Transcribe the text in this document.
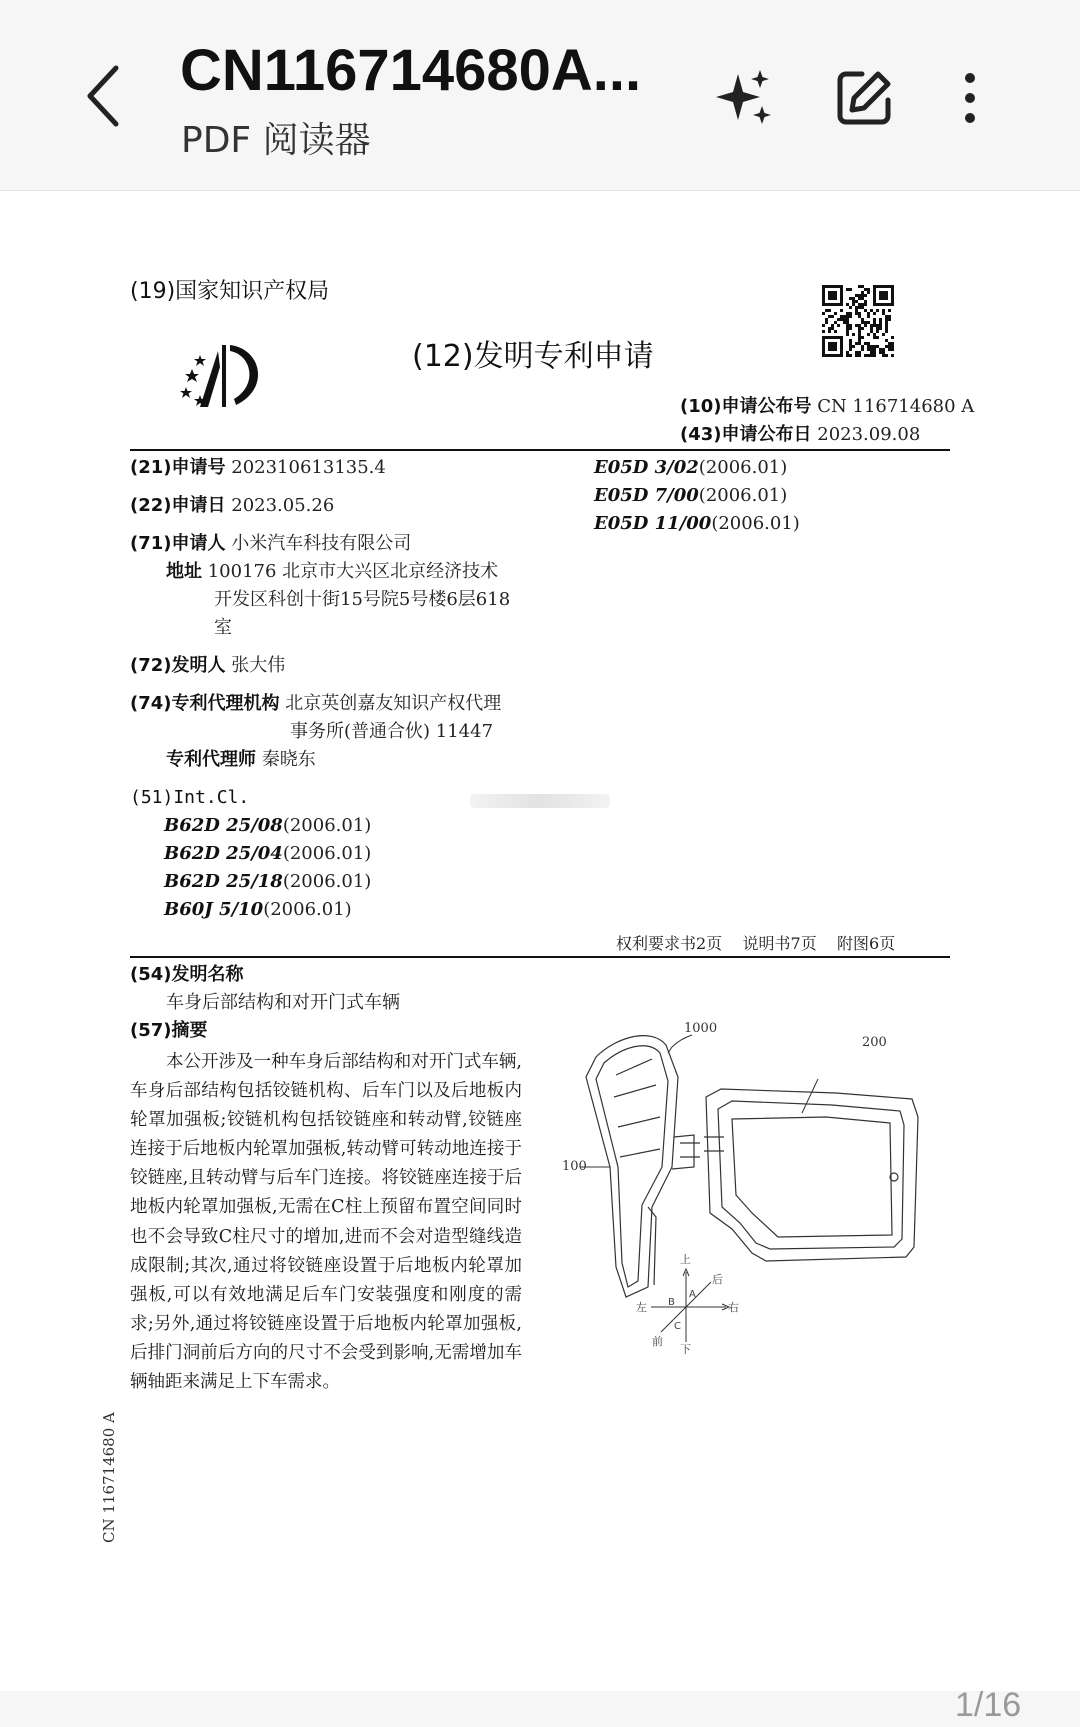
CN116714680A...
PDF 阅读器
(19)国家知识产权局
(12)发明专利申请
(10)申请公布号 CN 116714680 A
(43)申请公布日 2023.09.08
(21)申请号 202310613135.4
(22)申请日 2023.05.26
(71)申请人 小米汽车科技有限公司
地址 100176 北京市大兴区北京经济技术
开发区科创十街15号院5号楼6层618
室
(72)发明人 张大伟
(74)专利代理机构 北京英创嘉友知识产权代理
事务所(普通合伙) 11447
专利代理师 秦晓东
(51)Int.Cl.
B62D 25/08(2006.01)
B62D 25/04(2006.01)
B62D 25/18(2006.01)
B60J 5/10(2006.01)
E05D 3/02(2006.01)
E05D 7/00(2006.01)
E05D 11/00(2006.01)
权利要求书2页    说明书7页    附图6页
(54)发明名称
车身后部结构和对开门式车辆
(57)摘要
本公开涉及一种车身后部结构和对开门式车辆,车身后部结构包括铰链机构、后车门以及后地板内轮罩加强板;铰链机构包括铰链座和转动臂,铰链座连接于后地板内轮罩加强板,转动臂可转动地连接于铰链座,且转动臂与后车门连接。将铰链座连接于后地板内轮罩加强板,无需在C柱上预留布置空间同时也不会导致C柱尺寸的增加,进而不会对造型缝线造成限制;其次,通过将铰链座设置于后地板内轮罩加强板,可以有效地满足后车门安装强度和刚度的需求;另外,通过将铰链座设置于后地板内轮罩加强板,后排门洞前后方向的尺寸不会受到影响,无需增加车辆轴距来满足上下车需求。
1000
200
100
上
下
左	右
前
后
A
B
C
CN 116714680 A
1/16
